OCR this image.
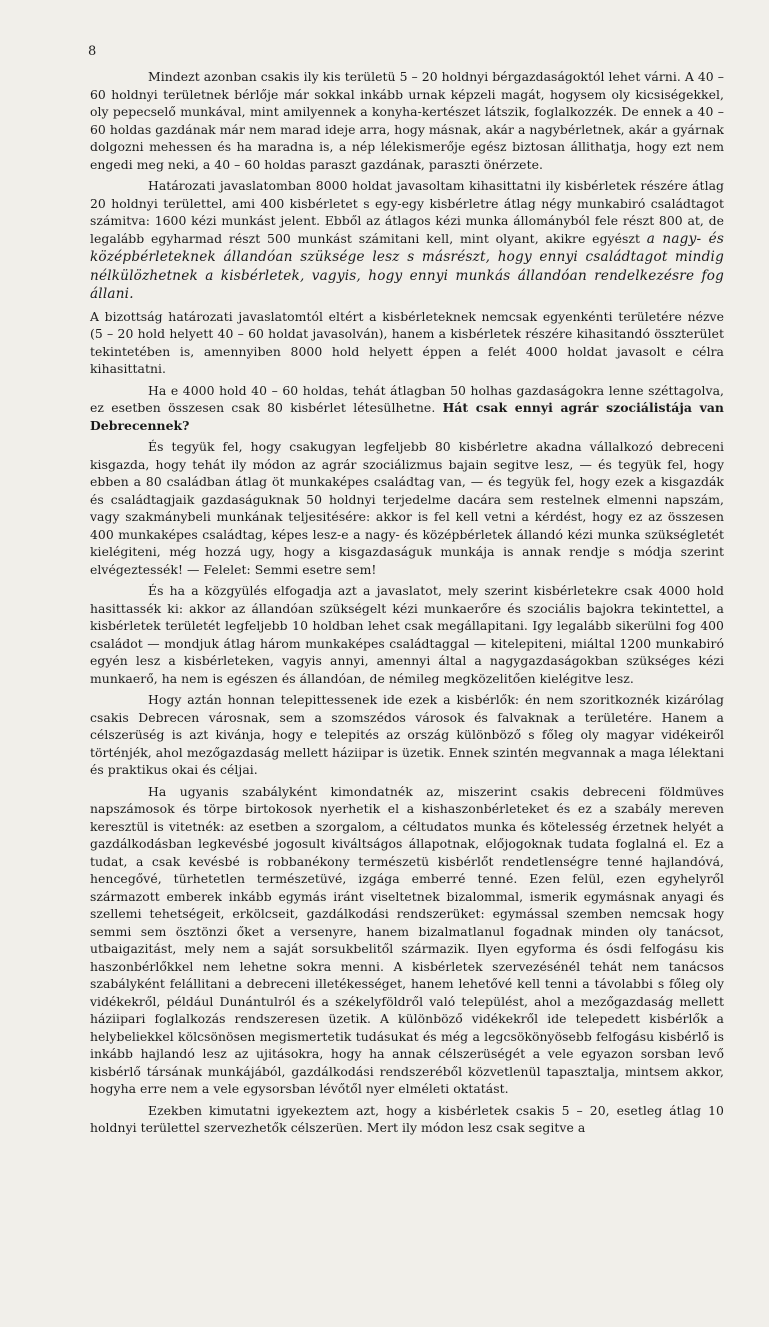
8

Mindezt azonban csakis ily kis területü 5 – 20 holdnyi bérgazdaságoktól lehet várni. A 40 – 60 holdnyi területnek bérlője már sokkal inkább urnak képzeli magát, hogysem oly kicsiségekkel, oly pepecselő munkával, mint amilyennek a konyha-kertészet látszik, foglalkozzék. De ennek a 40 – 60 holdas gazdának már nem marad ideje arra, hogy másnak, akár a nagybérletnek, akár a gyárnak dolgozni mehessen és ha maradna is, a nép lélekismerője egész biztosan állithatja, hogy ezt nem engedi meg neki, a 40 – 60 holdas paraszt gazdának, paraszti önérzete.

Határozati javaslatomban 8000 holdat javasoltam kihasittatni ily kisbérletek részére átlag 20 holdnyi területtel, ami 400 kisbérletet s egy-egy kisbérletre átlag négy munkabiró családtagot számitva: 1600 kézi munkást jelent. Ebből az átlagos kézi munka állományból fele részt 800 at, de legalább egyharmad részt 500 munkást számitani kell, mint olyant, akikre egyészt a nagy- és középbérleteknek állandóan szüksége lesz s másrészt, hogy ennyi családtagot mindig nélkülözhetnek a kisbérletek, vagyis, hogy ennyi munkás állandóan rendelkezésre fog állani.

A bizottság határozati javaslatomtól eltért a kisbérleteknek nemcsak egyenkénti területére nézve (5 – 20 hold helyett 40 – 60 holdat javasolván), hanem a kisbérletek részére kihasitandó összterület tekintetében is, amennyiben 8000 hold helyett éppen a felét 4000 holdat javasolt e célra kihasittatni.

Ha e 4000 hold 40 – 60 holdas, tehát átlagban 50 holhas gazdaságokra lenne széttagolva, ez esetben összesen csak 80 kisbérlet létesülhetne. Hát csak ennyi agrár szociálistája van Debrecennek?

És tegyük fel, hogy csakugyan legfeljebb 80 kisbérletre akadna vállalkozó debreceni kisgazda, hogy tehát ily módon az agrár szociálizmus bajain segitve lesz, — és tegyük fel, hogy ebben a 80 családban átlag öt munkaképes családtag van, — és tegyük fel, hogy ezek a kisgazdák és családtagjaik gazdaságuknak 50 holdnyi terjedelme dacára sem restelnek elmenni napszám, vagy szakmánybeli munkának teljesitésére: akkor is fel kell vetni a kérdést, hogy ez az összesen 400 munkaképes családtag, képes lesz-e a nagy- és középbérletek állandó kézi munka szükségletét kielégiteni, még hozzá ugy, hogy a kisgazdaságuk munkája is annak rendje s módja szerint elvégeztessék! — Felelet: Semmi esetre sem!

És ha a közgyülés elfogadja azt a javaslatot, mely szerint kisbérletekre csak 4000 hold hasittassék ki: akkor az állandóan szükségelt kézi munkaerőre és szociális bajokra tekintettel, a kisbérletek területét legfeljebb 10 holdban lehet csak megállapitani. Igy legalább sikerülni fog 400 családot — mondjuk átlag három munkaképes családtaggal — kitelepiteni, miáltal 1200 munkabiró egyén lesz a kisbérleteken, vagyis annyi, amennyi által a nagygazdaságokban szükséges kézi munkaerő, ha nem is egészen és állandóan, de némileg megközelitően kielégitve lesz.

Hogy aztán honnan telepittessenek ide ezek a kisbérlők: én nem szoritkoznék kizárólag csakis Debrecen városnak, sem a szomszédos városok és falvaknak a területére. Hanem a célszerüség is azt kivánja, hogy e telepités az ország különböző s főleg oly magyar vidékeiről történjék, ahol mezőgazdaság mellett háziipar is üzetik. Ennek szintén megvannak a maga lélektani és praktikus okai és céljai.

Ha ugyanis szabályként kimondatnék az, miszerint csakis debreceni földmüves napszámosok és törpe birtokosok nyerhetik el a kishaszonbérleteket és ez a szabály mereven keresztül is vitetnék: az esetben a szorgalom, a céltudatos munka és kötelesség érzetnek helyét a gazdálkodásban legkevésbé jogosult kiváltságos állapotnak, előjogoknak tudata foglalná el. Ez a tudat, a csak kevésbé is robbanékony természetü kisbérlőt rendetlenségre tenné hajlandóvá, hencegővé, türhetetlen természetüvé, izgága emberré tenné. Ezen felül, ezen egyhelyről származott emberek inkább egymás iránt viseltetnek bizalommal, ismerik egymásnak anyagi és szellemi tehetségeit, erkölcseit, gazdálkodási rendszerüket: egymással szemben nemcsak hogy semmi sem ösztönzi őket a versenyre, hanem bizalmatlanul fogadnak minden oly tanácsot, utbaigazitást, mely nem a saját sorsukbelitől származik. Ilyen egyforma és ósdi felfogásu kis haszonbérlőkkel nem lehetne sokra menni. A kisbérletek szervezésénél tehát nem tanácsos szabályként felállitani a debreceni illetékességet, hanem lehetővé kell tenni a távolabbi s főleg oly vidékekről, például Dunántulról és a székelyföldről való települést, ahol a mezőgazdaság mellett háziipari foglalkozás rendszeresen üzetik. A különböző vidékekről ide telepedett kisbérlők a helybeliekkel kölcsönösen megismertetik tudásukat és még a legcsökönyösebb felfogásu kisbérlő is inkább hajlandó lesz az ujitásokra, hogy ha annak célszerüségét a vele egyazon sorsban levő kisbérlő társának munkájából, gazdálkodási rendszeréből közvetlenül tapasztalja, mintsem akkor, hogyha erre nem a vele egysorsban lévőtől nyer elméleti oktatást.

Ezekben kimutatni igyekeztem azt, hogy a kisbérletek csakis 5 – 20, esetleg átlag 10 holdnyi területtel szervezhetők célszerüen. Mert ily módon lesz csak segitve a
